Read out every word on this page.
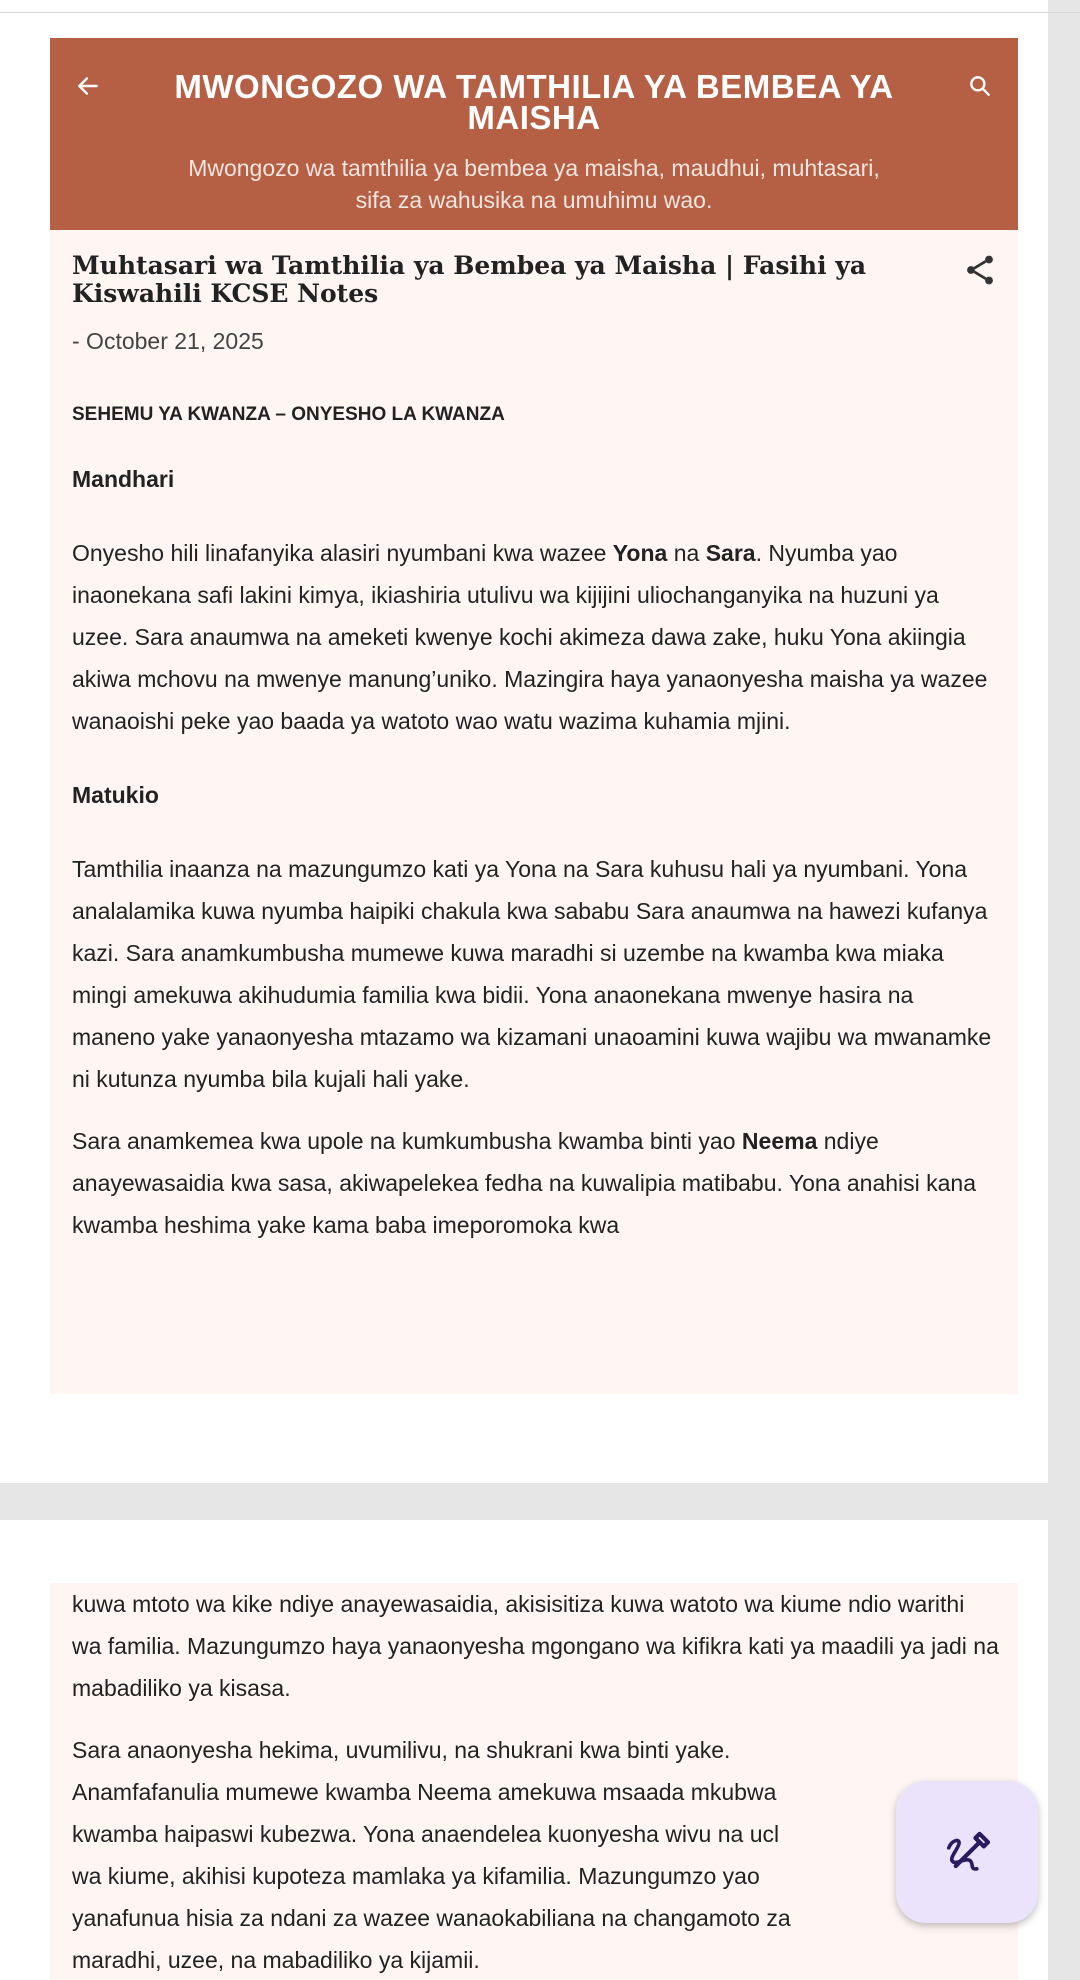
MWONGOZO WA TAMTHILIA YA BEMBEA YA MAISHA
Mwongozo wa tamthilia ya bembea ya maisha, maudhui, muhtasari, sifa za wahusika na umuhimu wao.
Muhtasari wa Tamthilia ya Bembea ya Maisha | Fasihi ya Kiswahili KCSE Notes
- October 21, 2025

SEHEMU YA KWANZA – ONYESHO LA KWANZA

Mandhari

Onyesho hili linafanyika alasiri nyumbani kwa wazee Yona na Sara. Nyumba yao inaonekana safi lakini kimya, ikiashiria utulivu wa kijijini uliochanganyika na huzuni ya uzee. Sara anaumwa na ameketi kwenye kochi akimeza dawa zake, huku Yona akiingia akiwa mchovu na mwenye manung’uniko. Mazingira haya yanaonyesha maisha ya wazee wanaoishi peke yao baada ya watoto wao watu wazima kuhamia mjini.

Matukio

Tamthilia inaanza na mazungumzo kati ya Yona na Sara kuhusu hali ya nyumbani. Yona analalamika kuwa nyumba haipiki chakula kwa sababu Sara anaumwa na hawezi kufanya kazi. Sara anamkumbusha mumewe kuwa maradhi si uzembe na kwamba kwa miaka mingi amekuwa akihudumia familia kwa bidii. Yona anaonekana mwenye hasira na maneno yake yanaonyesha mtazamo wa kizamani unaoamini kuwa wajibu wa mwanamke ni kutunza nyumba bila kujali hali yake.

Sara anamkemea kwa upole na kumkumbusha kwamba binti yao Neema ndiye anayewasaidia kwa sasa, akiwapelekea fedha na kuwalipia matibabu. Yona anahisi kana kwamba heshima yake kama baba imeporomoka kwa

kuwa mtoto wa kike ndiye anayewasaidia, akisisitiza kuwa watoto wa kiume ndio warithi wa familia. Mazungumzo haya yanaonyesha mgongano wa kifikra kati ya maadili ya jadi na mabadiliko ya kisasa.

Sara anaonyesha hekima, uvumilivu, na shukrani kwa binti yake.
Anamfafanulia mumewe kwamba Neema amekuwa msaada mkubwa
kwamba haipaswi kubezwa. Yona anaendelea kuonyesha wivu na ucl
wa kiume, akihisi kupoteza mamlaka ya kifamilia. Mazungumzo yao
yanafunua hisia za ndani za wazee wanaokabiliana na changamoto za
maradhi, uzee, na mabadiliko ya kijamii.
